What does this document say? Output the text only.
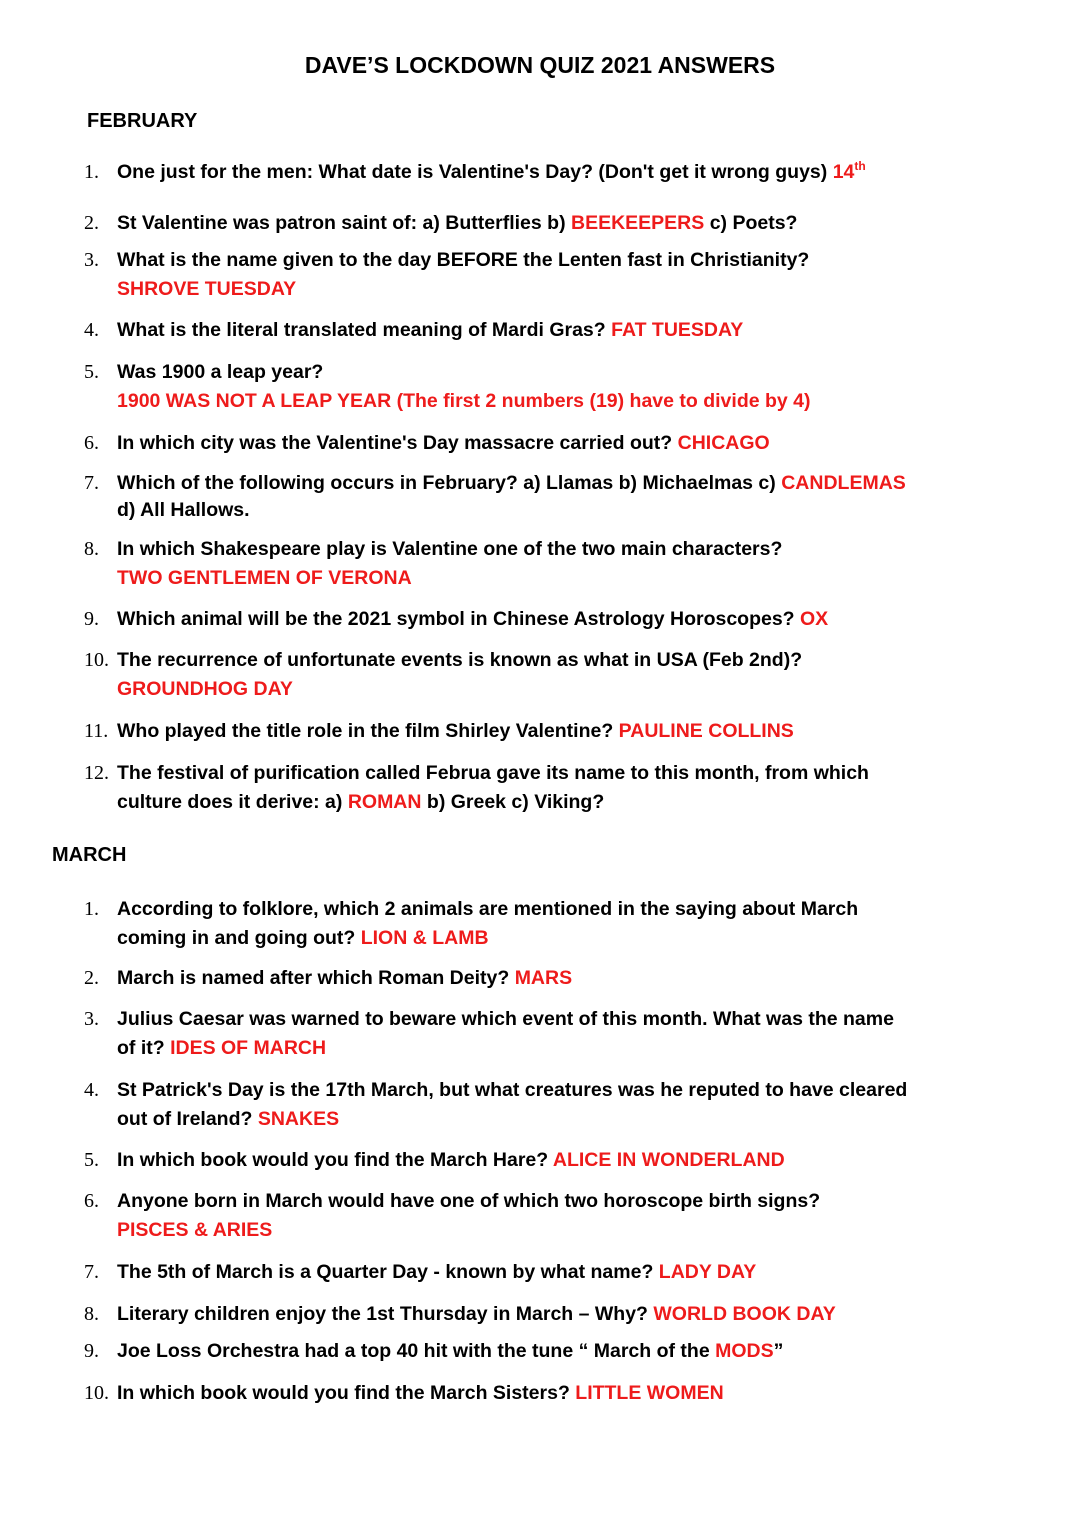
DAVE’S LOCKDOWN QUIZ 2021 ANSWERS
FEBRUARY
1. One just for the men: What date is Valentine's Day? (Don't get it wrong guys) 14th
2. St Valentine was patron saint of: a) Butterflies b) BEEKEEPERS c) Poets?
3. What is the name given to the day BEFORE the Lenten fast in Christianity?
SHROVE TUESDAY
4. What is the literal translated meaning of Mardi Gras? FAT TUESDAY
5. Was 1900 a leap year?
1900 WAS NOT A LEAP YEAR (The first 2 numbers (19) have to divide by 4)
6. In which city was the Valentine's Day massacre carried out? CHICAGO
7. Which of the following occurs in February? a) Llamas b) Michaelmas c) CANDLEMAS
d) All Hallows.
8. In which Shakespeare play is Valentine one of the two main characters?
TWO GENTLEMEN OF VERONA
9. Which animal will be the 2021 symbol in Chinese Astrology Horoscopes? OX
10. The recurrence of unfortunate events is known as what in USA (Feb 2nd)?
GROUNDHOG DAY
11. Who played the title role in the film Shirley Valentine? PAULINE COLLINS
12. The festival of purification called Februa gave its name to this month, from which
culture does it derive: a) ROMAN b) Greek c) Viking?
MARCH
1. According to folklore, which 2 animals are mentioned in the saying about March
coming in and going out? LION & LAMB
2. March is named after which Roman Deity? MARS
3. Julius Caesar was warned to beware which event of this month. What was the name
of it? IDES OF MARCH
4. St Patrick's Day is the 17th March, but what creatures was he reputed to have cleared
out of Ireland? SNAKES
5. In which book would you find the March Hare? ALICE IN WONDERLAND
6. Anyone born in March would have one of which two horoscope birth signs?
PISCES & ARIES
7. The 5th of March is a Quarter Day - known by what name? LADY DAY
8. Literary children enjoy the 1st Thursday in March – Why? WORLD BOOK DAY
9. Joe Loss Orchestra had a top 40 hit with the tune “ March of the MODS”
10. In which book would you find the March Sisters? LITTLE WOMEN
